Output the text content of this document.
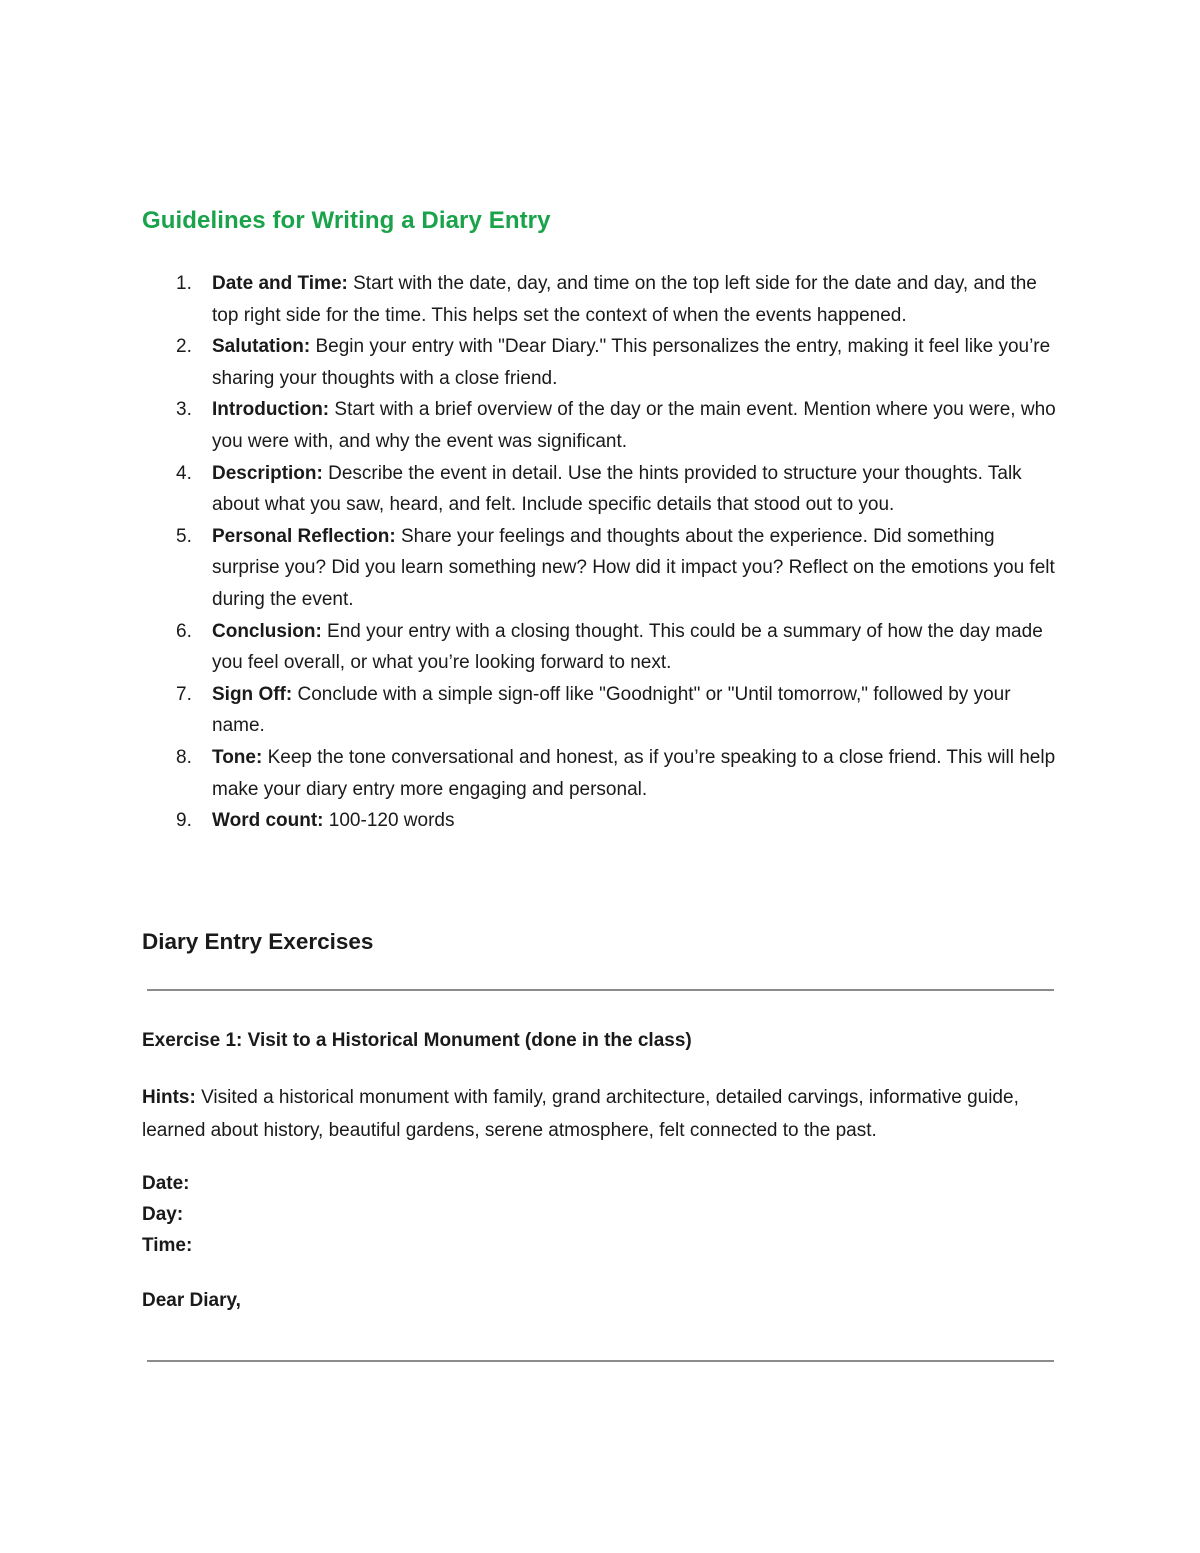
Guidelines for Writing a Diary Entry
1. Date and Time: Start with the date, day, and time on the top left side for the date and day, and the top right side for the time. This helps set the context of when the events happened.
2. Salutation: Begin your entry with "Dear Diary." This personalizes the entry, making it feel like you’re sharing your thoughts with a close friend.
3. Introduction: Start with a brief overview of the day or the main event. Mention where you were, who you were with, and why the event was significant.
4. Description: Describe the event in detail. Use the hints provided to structure your thoughts. Talk about what you saw, heard, and felt. Include specific details that stood out to you.
5. Personal Reflection: Share your feelings and thoughts about the experience. Did something surprise you? Did you learn something new? How did it impact you? Reflect on the emotions you felt during the event.
6. Conclusion: End your entry with a closing thought. This could be a summary of how the day made you feel overall, or what you’re looking forward to next.
7. Sign Off: Conclude with a simple sign-off like "Goodnight" or "Until tomorrow," followed by your name.
8. Tone: Keep the tone conversational and honest, as if you’re speaking to a close friend. This will help make your diary entry more engaging and personal.
9. Word count: 100-120 words
Diary Entry Exercises

Exercise 1: Visit to a Historical Monument (done in the class)

Hints: Visited a historical monument with family, grand architecture, detailed carvings, informative guide, learned about history, beautiful gardens, serene atmosphere, felt connected to the past.

Date:

Day:

Time:

Dear Diary,
